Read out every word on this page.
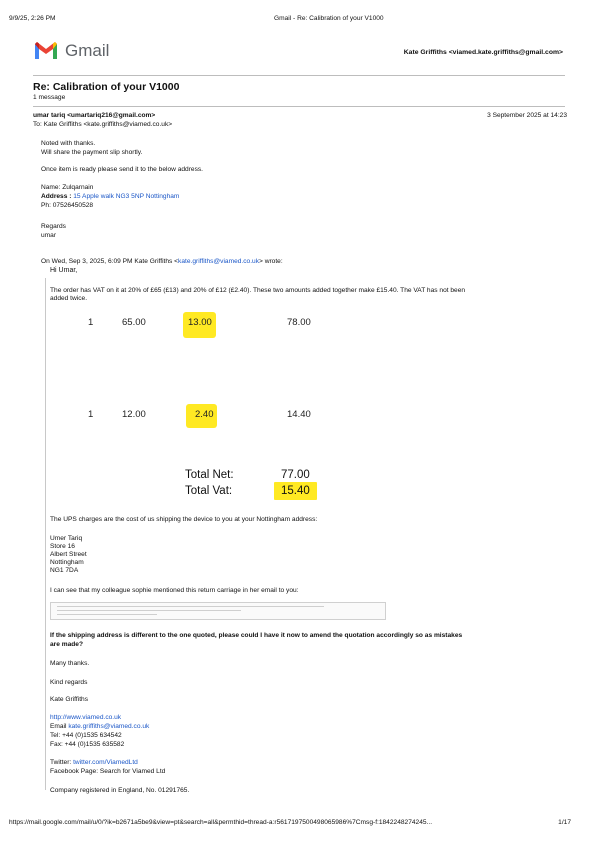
9/9/25, 2:26 PM	Gmail - Re: Calibration of your V1000
Gmail	Kate Griffiths <viamed.kate.griffiths@gmail.com>
Re: Calibration of your V1000
1 message
umar tariq <umartariq216@gmail.com>	3 September 2025 at 14:23
To: Kate Griffiths <kate.griffiths@viamed.co.uk>
Noted with thanks.
Will share the payment slip shortly.
Once item is ready please send it to the below address.
Name: Zulqarnain
Address : 15 Apple walk NG3 5NP Nottingham
Ph: 07526450528
Regards
umar
On Wed, Sep 3, 2025, 6:09 PM Kate Griffiths <kate.griffiths@viamed.co.uk> wrote:
Hi Umar,
The order has VAT on it at 20% of £65 (£13) and 20% of £12 (£2.40). These two amounts added together make £15.40. The VAT has not been
added twice.
1	65.00	13.00	78.00
1	12.00	2.40	14.40
Total Net:	77.00
Total Vat:	15.40
The UPS charges are the cost of us shipping the device to you at your Nottingham address:
Umer Tariq
Store 16
Albert Street
Nottingham
NG1 7DA
I can see that my colleague sophie mentioned this return carriage in her email to you:
If the shipping address is different to the one quoted, please could I have it now to amend the quotation accordingly so as mistakes
are made?
Many thanks.
Kind regards
Kate Griffiths
http://www.viamed.co.uk
Email kate.griffiths@viamed.co.uk
Tel: +44 (0)1535 634542
Fax: +44 (0)1535 635582
Twitter: twitter.com/ViamedLtd
Facebook Page: Search for Viamed Ltd
Company registered in England, No. 01291765.
https://mail.google.com/mail/u/0/?ik=b2671a5be9&view=pt&search=all&permthid=thread-a:r5617197500498065986%7Cmsg-f:1842248274245...	1/17
